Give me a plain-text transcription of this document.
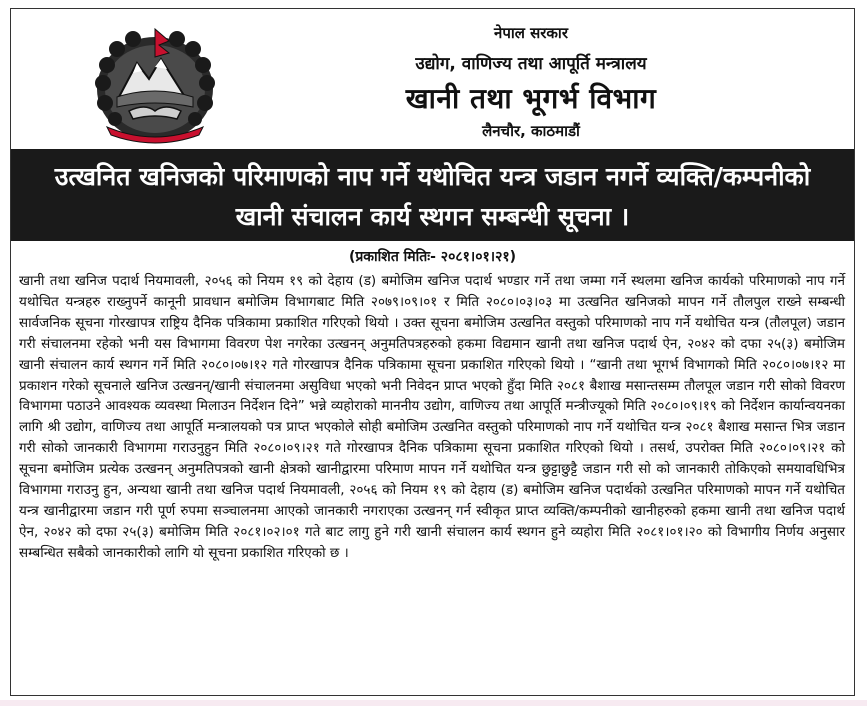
नेपाल सरकार
उद्योग, वाणिज्य तथा आपूर्ति मन्त्रालय
खानी तथा भूगर्भ विभाग
लैनचौर, काठमाडौं
उत्खनित खनिजको परिमाणको नाप गर्ने यथोचित यन्त्र जडान नगर्ने व्यक्ति/कम्पनीको
खानी संचालन कार्य स्थगन सम्बन्धी सूचना ।
(प्रकाशित मितिः- २०८१।०१।२१)
खानी तथा खनिज पदार्थ नियमावली, २०५६ को नियम १९ को देहाय (ड) बमोजिम खनिज पदार्थ भण्डार गर्ने तथा जम्मा गर्ने स्थलमा खनिज कार्यको परिमाणको नाप गर्ने यथोचित यन्त्रहरु राख्नुपर्ने कानूनी प्रावधान बमोजिम विभागबाट मिति २०७९।०९।०१ र मिति २०८०।०३।०३ मा उत्खनित खनिजको मापन गर्ने तौलपुल राख्ने सम्बन्धी सार्वजनिक सूचना गोरखापत्र राष्ट्रिय दैनिक पत्रिकामा प्रकाशित गरिएको थियो । उक्त सूचना बमोजिम उत्खनित वस्तुको परिमाणको नाप गर्ने यथोचित यन्त्र (तौलपूल) जडान गरी संचालनमा रहेको भनी यस विभागमा विवरण पेश नगरेका उत्खनन् अनुमतिपत्रहरुको हकमा विद्यमान खानी तथा खनिज पदार्थ ऐन, २०४२ को दफा २५(३) बमोजिम खानी संचालन कार्य स्थगन गर्ने मिति २०८०।०७।१२ गते गोरखापत्र दैनिक पत्रिकामा सूचना प्रकाशित गरिएको थियो । “खानी तथा भूगर्भ विभागको मिति २०८०।०७।१२ मा प्रकाशन गरेको सूचनाले खनिज उत्खनन्/खानी संचालनमा असुविधा भएको भनी निवेदन प्राप्त भएको हुँदा मिति २०८१ बैशाख मसान्तसम्म तौलपूल जडान गरी सोको विवरण विभागमा पठाउने आवश्यक व्यवस्था मिलाउन निर्देशन दिने” भन्ने व्यहोराको माननीय उद्योग, वाणिज्य तथा आपूर्ति मन्त्रीज्यूको मिति २०८०।०९।१९ को निर्देशन कार्यान्वयनका लागि श्री उद्योग, वाणिज्य तथा आपूर्ति मन्त्रालयको पत्र प्राप्त भएकोले सोही बमोजिम उत्खनित वस्तुको परिमाणको नाप गर्ने यथोचित यन्त्र २०८१ बैशाख मसान्त भित्र जडान गरी सोको जानकारी विभागमा गराउनुहुन मिति २०८०।०९।२१ गते गोरखापत्र दैनिक पत्रिकामा सूचना प्रकाशित गरिएको थियो । तसर्थ, उपरोक्त मिति २०८०।०९।२१ को सूचना बमोजिम प्रत्येक उत्खनन् अनुमतिपत्रको खानी क्षेत्रको खानीद्वारमा परिमाण मापन गर्ने यथोचित यन्त्र छुट्टाछुट्टै जडान गरी सो को जानकारी तोकिएको समयावधिभित्र विभागमा गराउनु हुन, अन्यथा खानी तथा खनिज पदार्थ नियमावली, २०५६ को नियम १९ को देहाय (ड) बमोजिम खनिज पदार्थको उत्खनित परिमाणको मापन गर्ने यथोचित यन्त्र खानीद्वारमा जडान गरी पूर्ण रुपमा सञ्चालनमा आएको जानकारी नगराएका उत्खनन् गर्न स्वीकृत प्राप्त व्यक्ति/कम्पनीको खानीहरुको हकमा खानी तथा खनिज पदार्थ ऐन, २०४२ को दफा २५(३) बमोजिम मिति २०८१।०२।०१ गते बाट लागु हुने गरी खानी संचालन कार्य स्थगन हुने व्यहोरा मिति २०८१।०१।२० को विभागीय निर्णय अनुसार सम्बन्धित सबैको जानकारीको लागि यो सूचना प्रकाशित गरिएको छ ।
